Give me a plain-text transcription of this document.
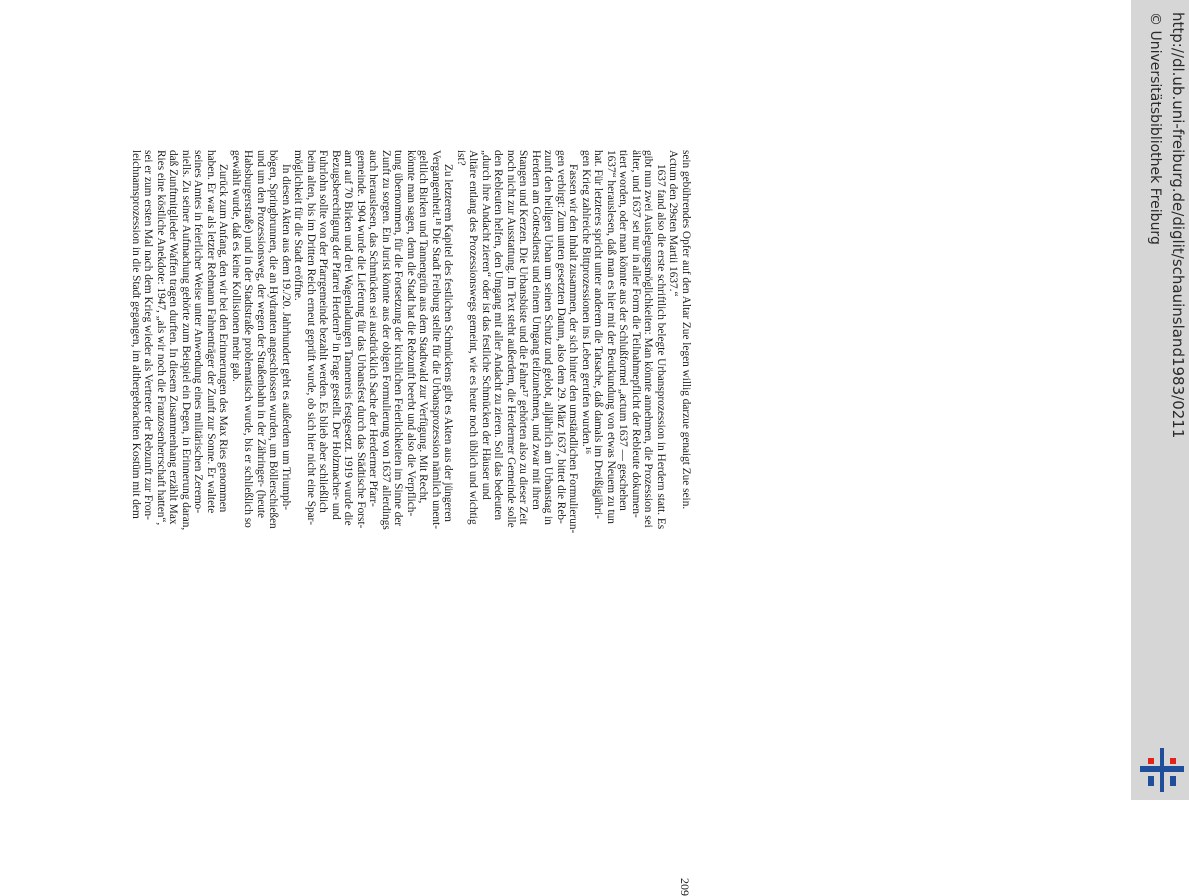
sein gebührendes Opfer auf den Altar Zue legen willig darzue genaigt Zue sein.

Actum den 29sten Martii 1637.“

1637 fand also die erste schriftlich belegte Urbansprozession in Herdern statt. Es

gibt nun zwei Auslegungsmöglichkeiten: Man könnte annehmen, die Prozession sei

älter, und 1637 sei nur in aller Form die Teilnahmepflicht der Rebleute dokumen-

tiert worden, oder man könnte aus der Schlußformel „actum 1637 — geschehen

1637“ herauslesen, daß man es hier mit der Beurkundung von etwas Neuem zu tun

hat. Für letzteres spricht unter anderem die Tatsache, daß damals im Dreißigjähri-

gen Krieg zahlreiche Bittprozessionen ins Leben gerufen wurden.¹⁶

Fassen wir den Inhalt zusammen, der sich hinter den umständlichen Formulierun-

gen verbirgt: Zum unten gesetzten Datum, also dem 29. März 1637, bittet die Reb-

zunft den heiligen Urban um seinen Schutz und gelobt, alljährlich am Urbanstag in

Herdern am Gottesdienst und einem Umgang teilzunehmen, und zwar mit ihren

Stangen und Kerzen. Die Urbansbüste und die Fahne¹⁷ gehörten also zu dieser Zeit

noch nicht zur Ausstattung. Im Text steht außerdem, die Herdermer Gemeinde solle

den Rebleuten helfen, den Umgang mit aller Andacht zu zieren. Soll das bedeuten

„durch ihre Andacht zieren“ oder ist das festliche Schmücken der Häuser und

Altäre entlang des Prozessionswegs gemeint, wie es heute noch üblich und wichtig

ist?

Zu letzterem Kapitel des festlichen Schmückens gibt es Akten aus der jüngeren

Vergangenheit.¹⁸ Die Stadt Freiburg stellte für die Urbansprozession nämlich unent-

geltlich Birken und Tannengrün aus dem Stadtwald zur Verfügung. Mit Recht,

könnte man sagen, denn die Stadt hat die Rebzunft beerbt und also die Verpflich-

tung übernommen, für die Fortsetzung der kirchlichen Feierlichkeiten im Sinne der

Zunft zu sorgen. Ein Jurist könnte aus der obigen Formulierung von 1637 allerdings

auch herauslesen, das Schmücken sei ausdrücklich Sache der Herdermer Pfarr-

gemeinde. 1904 wurde die Lieferung für das Urbansfest durch das Städtische Forst-

amt auf 70 Birken und drei Wagenladungen Tannenreis festgesetzt. 1919 wurde die

Bezugsberechtigung der Pfarrei Herdern¹⁹ in Frage gestellt. Der Holzmacher- und

Fuhrlohn sollte von der Pfarrgemeinde bezahlt werden. Es blieb aber schließlich

beim alten, bis im Dritten Reich erneut geprüft wurde, ob sich hier nicht eine Spar-

möglichkeit für die Stadt eröffne.

In diesen Akten aus dem 19./20. Jahrhundert geht es außerdem um Triumph-

bögen, Springbrunnen, die an Hydranten angeschlossen wurden, um Böllerschießen

und um den Prozessionsweg, der wegen der Straßenbahn in der Zähringer- (heute

Habsburgerstraße) und in der Stadtstraße problematisch wurde, bis er schließlich so

gewählt wurde, daß es keine Kollisionen mehr gab.

Zurück zum Anfang, den wir bei den Erinnerungen des Max Ries genommen

haben. Er war als letzter Rebmann Fahnenträger der Zunft zur Sonne. Er waltete

seines Amtes in feierlicher Weise unter Anwendung eines militärischen Zeremo-

niells. Zu seiner Aufmachung gehörte zum Beispiel ein Degen, in Erinnerung daran,

daß Zunftmitglieder Waffen tragen durften. In diesem Zusammenhang erzählt Max

Ries eine köstliche Anekdote: 1947, „als wir noch die Franzosenherrschaft hatten“,

sei er zum ersten Mal nach dem Krieg wieder als Vertreter der Rebzunft zur Fron-

leichnamsprozession in die Stadt gegangen, im althergebrachten Kostüm mit dem

209
http://dl.ub.uni-freiburg.de/diglit/schauinsland1983/0211
© Universitätsbibliothek Freiburg
